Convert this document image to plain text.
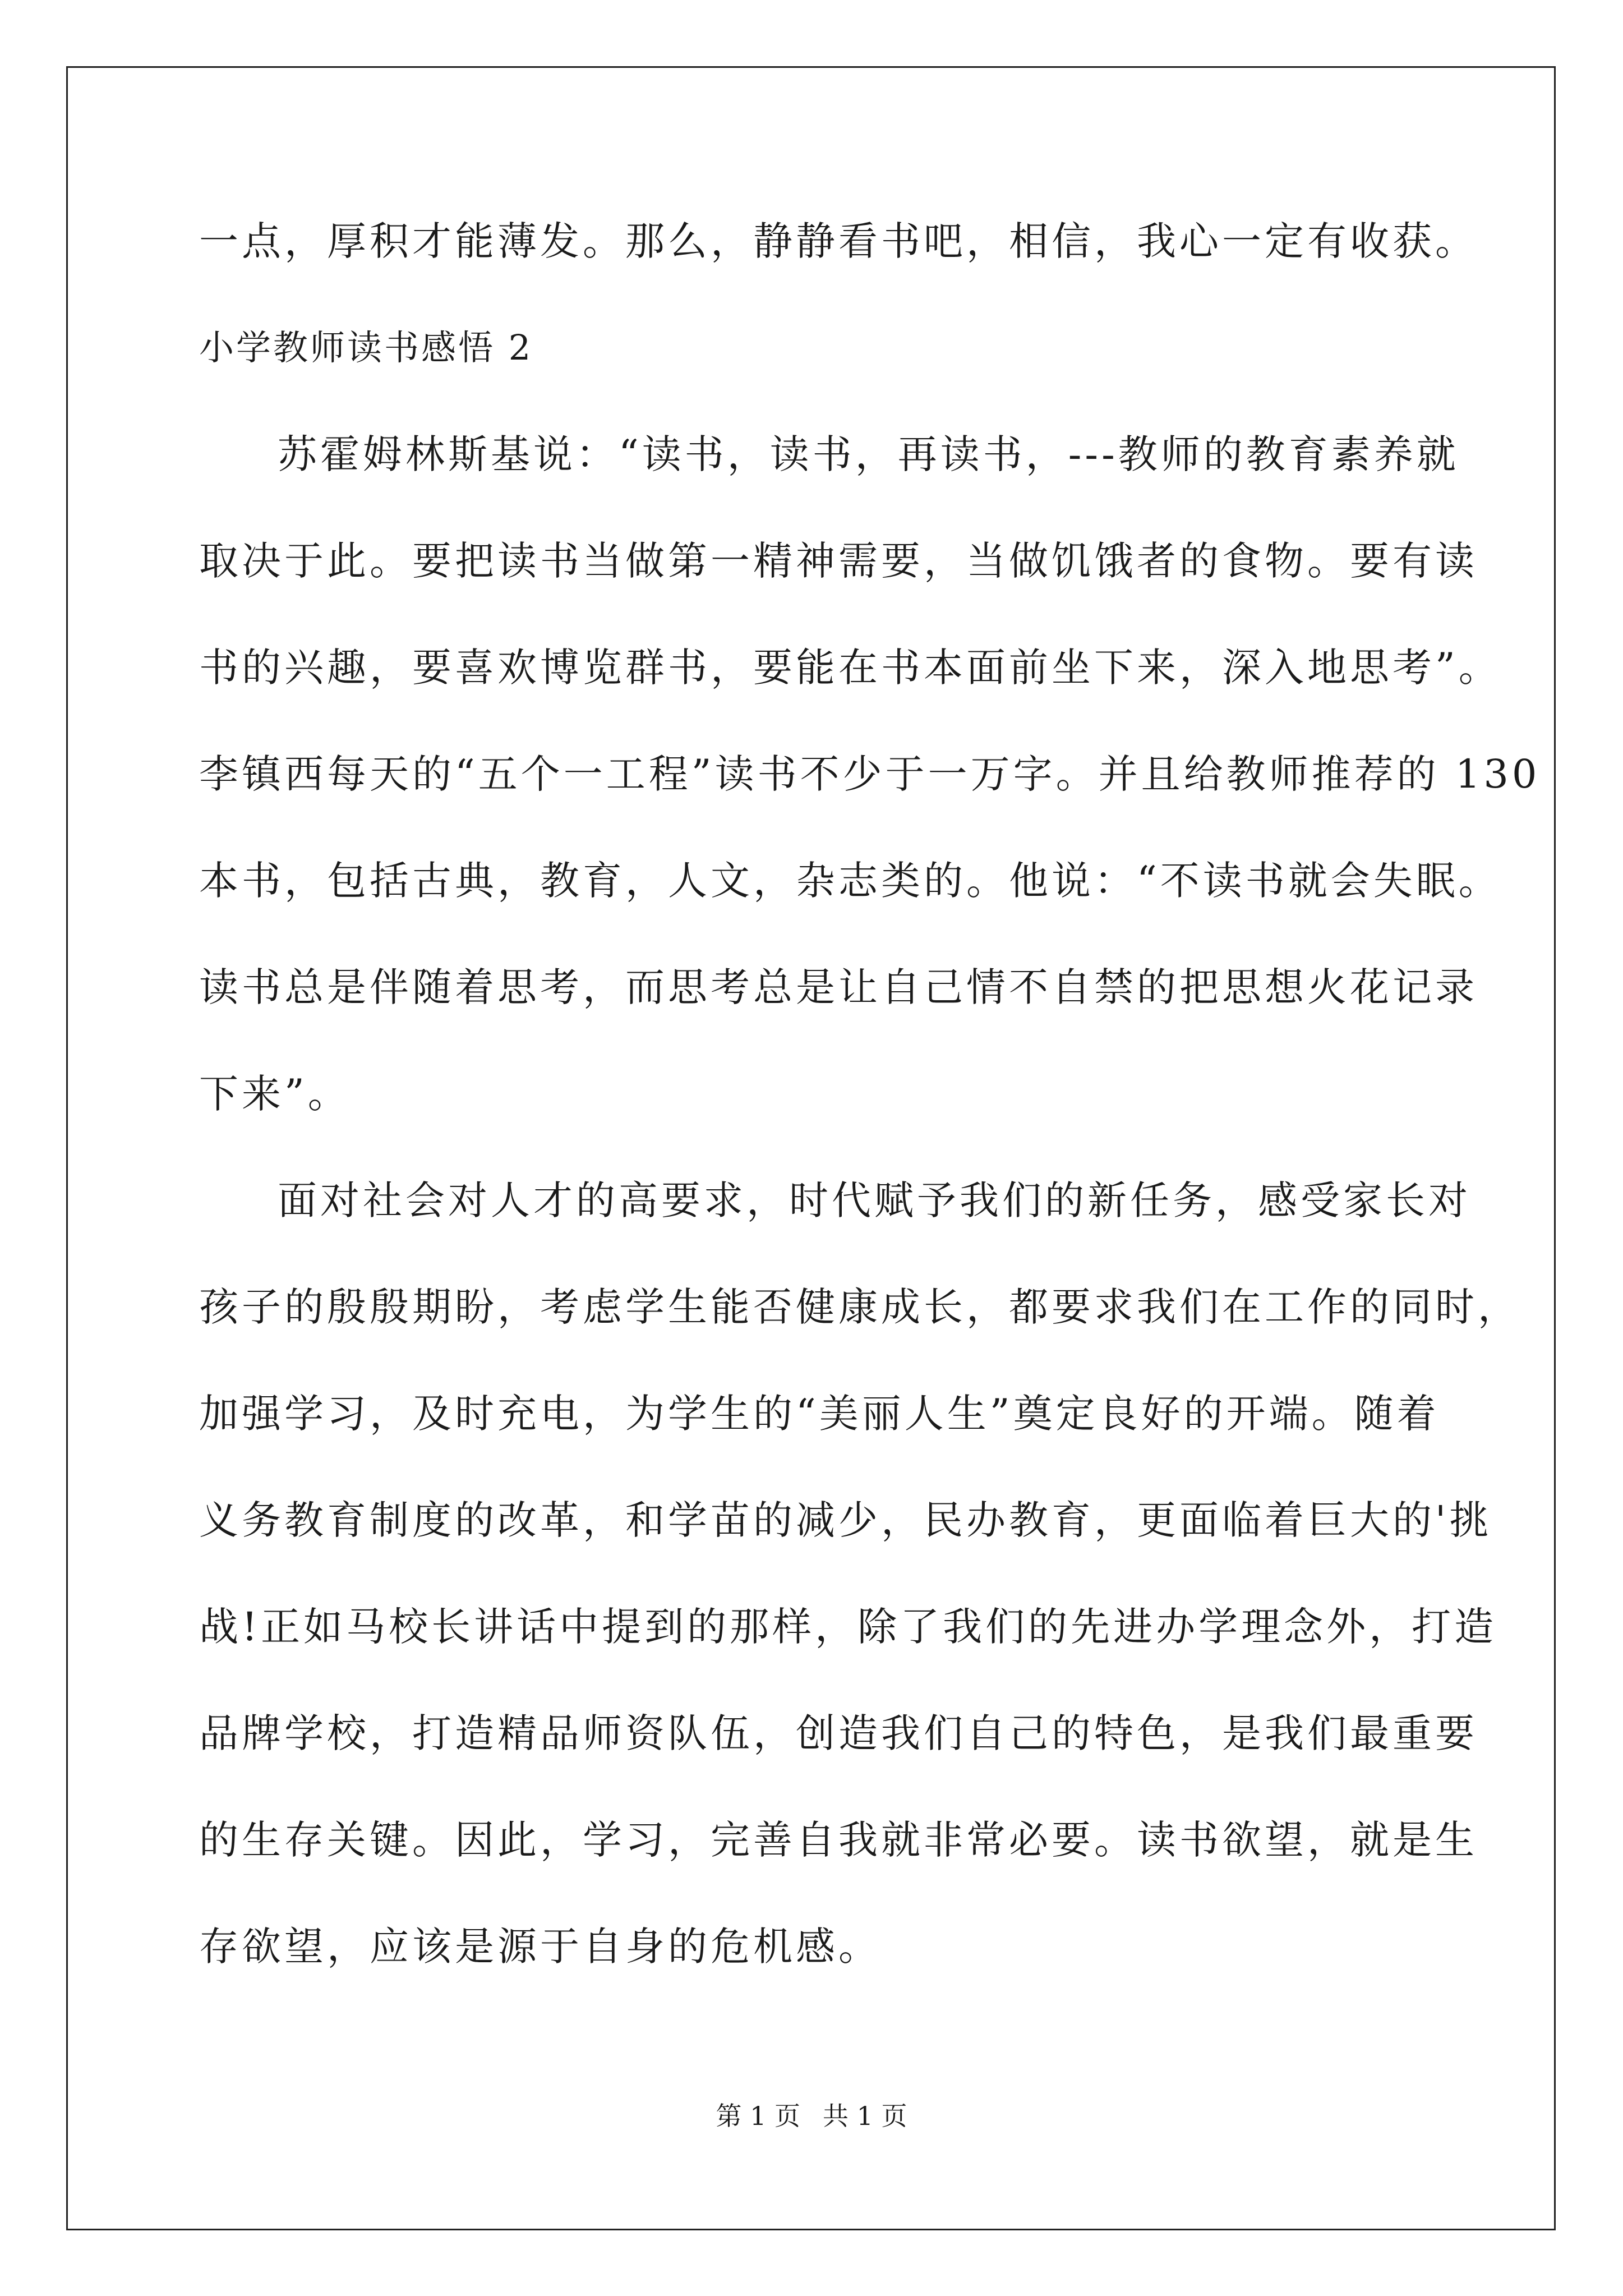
一点，厚积才能薄发。那么，静静看书吧，相信，我心一定有收获。
小学教师读书感悟 2
苏霍姆林斯基说：“读书，读书，再读书，---教师的教育素养就
取决于此。要把读书当做第一精神需要，当做饥饿者的食物。要有读
书的兴趣，要喜欢博览群书，要能在书本面前坐下来，深入地思考”。
李镇西每天的“五个一工程”读书不少于一万字。并且给教师推荐的 130
本书，包括古典，教育，人文，杂志类的。他说：“不读书就会失眠。
读书总是伴随着思考，而思考总是让自己情不自禁的把思想火花记录
下来”。
面对社会对人才的高要求，时代赋予我们的新任务，感受家长对
孩子的殷殷期盼，考虑学生能否健康成长，都要求我们在工作的同时，
加强学习，及时充电，为学生的“美丽人生”奠定良好的开端。随着
义务教育制度的改革，和学苗的减少，民办教育，更面临着巨大的'挑
战!正如马校长讲话中提到的那样，除了我们的先进办学理念外，打造
品牌学校，打造精品师资队伍，创造我们自己的特色，是我们最重要
的生存关键。因此，学习，完善自我就非常必要。读书欲望，就是生
存欲望，应该是源于自身的危机感。
第 1 页 共 1 页
